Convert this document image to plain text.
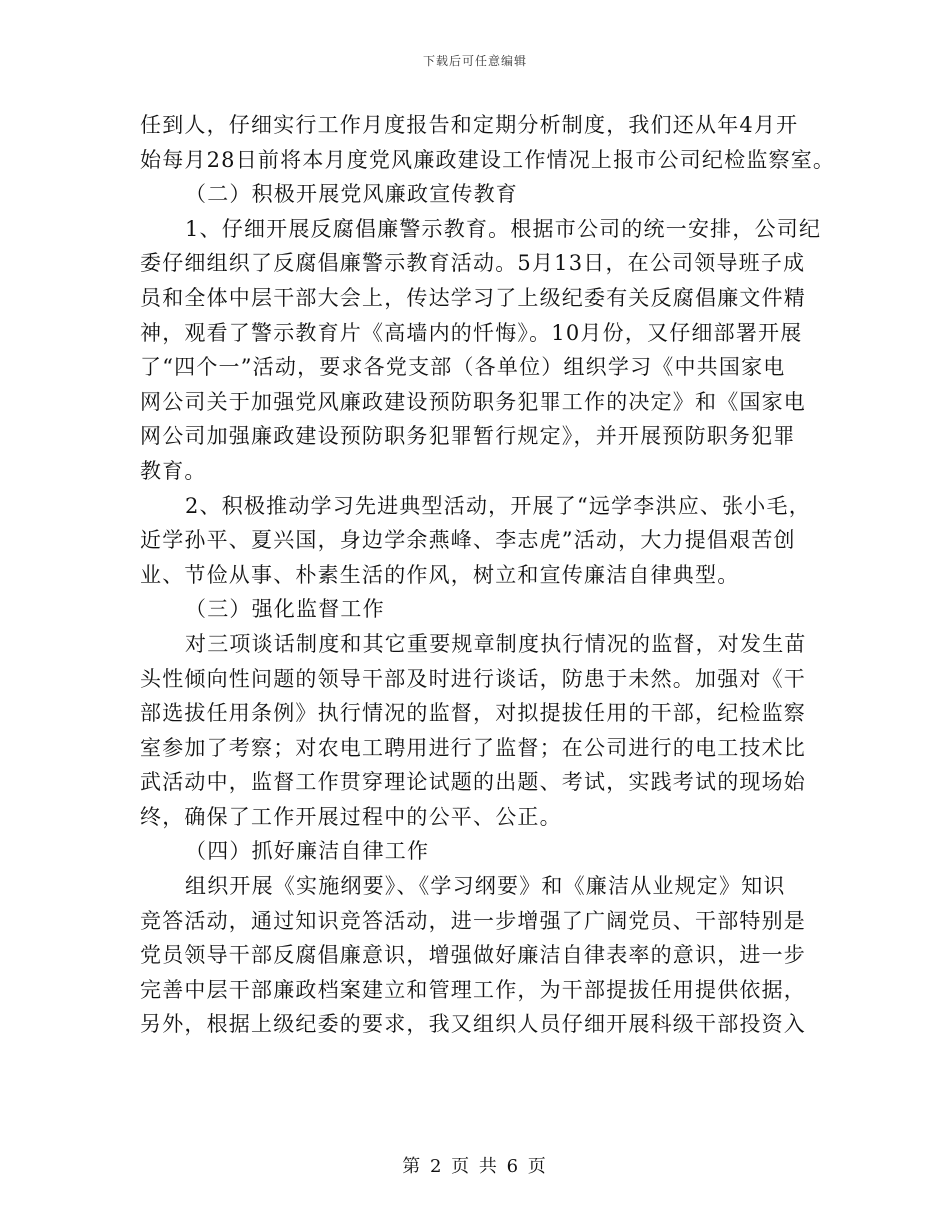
下载后可任意编辑
任到人，仔细实行工作月度报告和定期分析制度，我们还从年4月开
始每月28日前将本月度党风廉政建设工作情况上报市公司纪检监察室。
（二）积极开展党风廉政宣传教育
1、仔细开展反腐倡廉警示教育。根据市公司的统一安排，公司纪
委仔细组织了反腐倡廉警示教育活动。5月13日，在公司领导班子成
员和全体中层干部大会上，传达学习了上级纪委有关反腐倡廉文件精
神，观看了警示教育片《高墙内的忏悔》。10月份，又仔细部署开展
了“四个一”活动，要求各党支部（各单位）组织学习《中共国家电
网公司关于加强党风廉政建设预防职务犯罪工作的决定》和《国家电
网公司加强廉政建设预防职务犯罪暂行规定》，并开展预防职务犯罪
教育。
2、积极推动学习先进典型活动，开展了“远学李洪应、张小毛，
近学孙平、夏兴国，身边学余燕峰、李志虎”活动，大力提倡艰苦创
业、节俭从事、朴素生活的作风，树立和宣传廉洁自律典型。
（三）强化监督工作
对三项谈话制度和其它重要规章制度执行情况的监督，对发生苗
头性倾向性问题的领导干部及时进行谈话，防患于未然。加强对《干
部选拔任用条例》执行情况的监督，对拟提拔任用的干部，纪检监察
室参加了考察；对农电工聘用进行了监督；在公司进行的电工技术比
武活动中，监督工作贯穿理论试题的出题、考试，实践考试的现场始
终，确保了工作开展过程中的公平、公正。
（四）抓好廉洁自律工作
组织开展《实施纲要》、《学习纲要》和《廉洁从业规定》知识
竞答活动，通过知识竞答活动，进一步增强了广阔党员、干部特别是
党员领导干部反腐倡廉意识，增强做好廉洁自律表率的意识，进一步
完善中层干部廉政档案建立和管理工作，为干部提拔任用提供依据，
另外，根据上级纪委的要求，我又组织人员仔细开展科级干部投资入
第 2 页 共 6 页
